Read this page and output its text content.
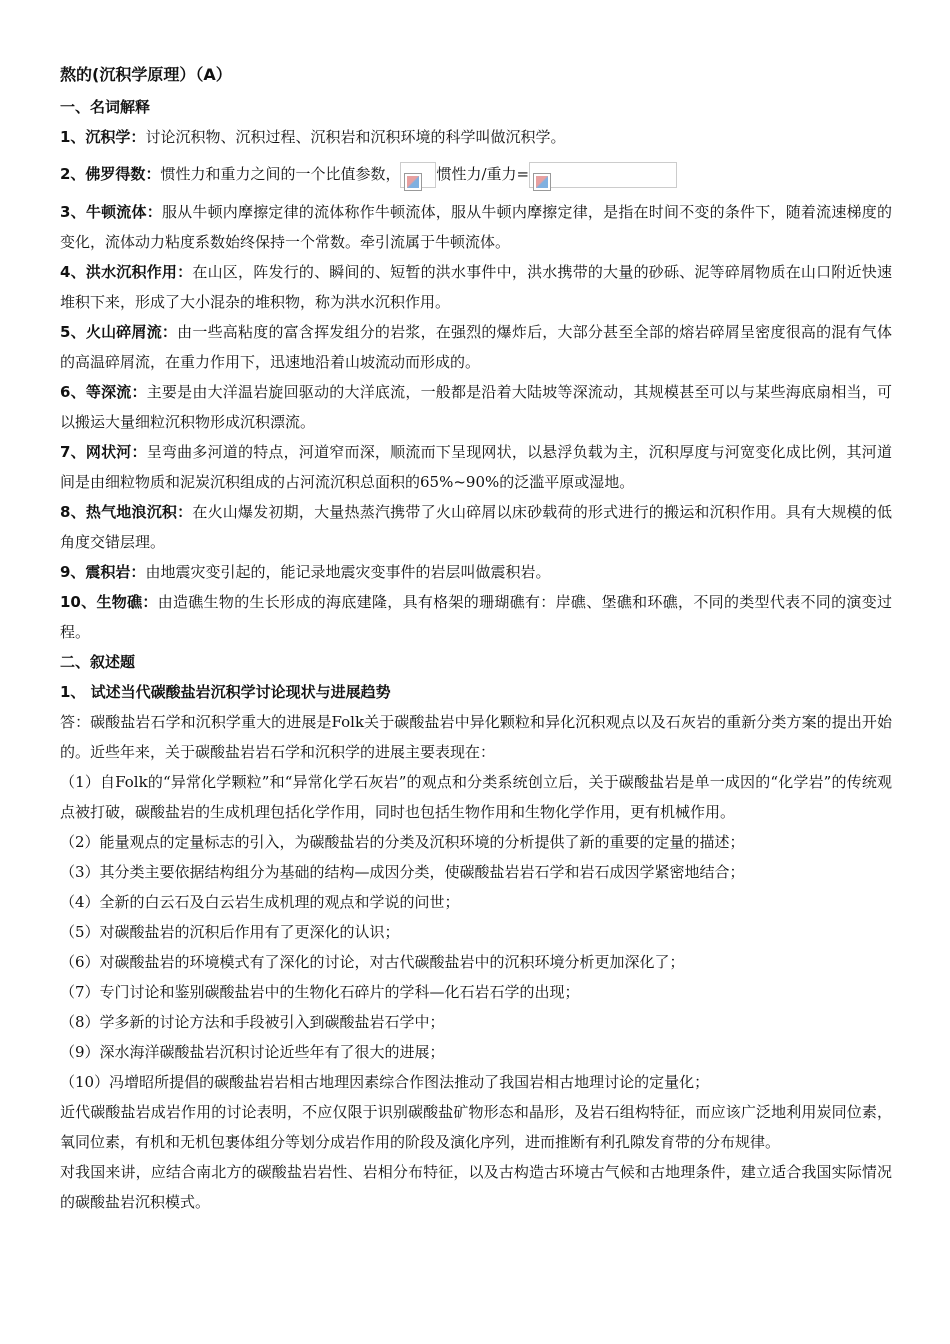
熬的(沉积学原理）（A）
一、名词解释

1、沉积学：讨论沉积物、沉积过程、沉积岩和沉积环境的科学叫做沉积学。

2、佛罗得数：惯性力和重力之间的一个比值参数， 惯性力/重力=

3、牛顿流体：服从牛顿内摩擦定律的流体称作牛顿流体，服从牛顿内摩擦定律，是指在时间不变的条件下，随着流速梯度的变化，流体动力粘度系数始终保持一个常数。牵引流属于牛顿流体。

4、洪水沉积作用：在山区，阵发行的、瞬间的、短暂的洪水事件中，洪水携带的大量的砂砾、泥等碎屑物质在山口附近快速堆积下来，形成了大小混杂的堆积物，称为洪水沉积作用。

5、火山碎屑流：由一些高粘度的富含挥发组分的岩浆，在强烈的爆炸后，大部分甚至全部的熔岩碎屑呈密度很高的混有气体的高温碎屑流，在重力作用下，迅速地沿着山坡流动而形成的。

6、等深流：主要是由大洋温岩旋回驱动的大洋底流，一般都是沿着大陆坡等深流动，其规模甚至可以与某些海底扇相当，可以搬运大量细粒沉积物形成沉积漂流。

7、网状河：呈弯曲多河道的特点，河道窄而深，顺流而下呈现网状，以悬浮负载为主，沉积厚度与河宽变化成比例，其河道间是由细粒物质和泥炭沉积组成的占河流沉积总面积的65%~90%的泛滥平原或湿地。

8、热气地浪沉积：在火山爆发初期，大量热蒸汽携带了火山碎屑以床砂载荷的形式进行的搬运和沉积作用。具有大规模的低角度交错层理。

9、震积岩：由地震灾变引起的，能记录地震灾变事件的岩层叫做震积岩。

10、生物礁：由造礁生物的生长形成的海底建隆，具有格架的珊瑚礁有：岸礁、堡礁和环礁，不同的类型代表不同的演变过程。

二、叙述题
1、 试述当代碳酸盐岩沉积学讨论现状与进展趋势

答：碳酸盐岩石学和沉积学重大的进展是Folk关于碳酸盐岩中异化颗粒和异化沉积观点以及石灰岩的重新分类方案的提出开始的。近些年来，关于碳酸盐岩岩石学和沉积学的进展主要表现在：

（1）自Folk的“异常化学颗粒”和“异常化学石灰岩”的观点和分类系统创立后，关于碳酸盐岩是单一成因的“化学岩”的传统观点被打破，碳酸盐岩的生成机理包括化学作用，同时也包括生物作用和生物化学作用，更有机械作用。

（2）能量观点的定量标志的引入，为碳酸盐岩的分类及沉积环境的分析提供了新的重要的定量的描述；

（3）其分类主要依据结构组分为基础的结构—成因分类，使碳酸盐岩岩石学和岩石成因学紧密地结合；

（4）全新的白云石及白云岩生成机理的观点和学说的问世；

（5）对碳酸盐岩的沉积后作用有了更深化的认识；

（6）对碳酸盐岩的环境模式有了深化的讨论，对古代碳酸盐岩中的沉积环境分析更加深化了；

（7）专门讨论和鉴别碳酸盐岩中的生物化石碎片的学科—化石岩石学的出现；

（8）学多新的讨论方法和手段被引入到碳酸盐岩石学中；

（9）深水海洋碳酸盐岩沉积讨论近些年有了很大的进展；

（10）冯增昭所提倡的碳酸盐岩岩相古地理因素综合作图法推动了我国岩相古地理讨论的定量化；

近代碳酸盐岩成岩作用的讨论表明，不应仅限于识别碳酸盐矿物形态和晶形，及岩石组构特征，而应该广泛地利用炭同位素，氧同位素，有机和无机包裹体组分等划分成岩作用的阶段及演化序列，进而推断有利孔隙发育带的分布规律。

对我国来讲，应结合南北方的碳酸盐岩岩性、岩相分布特征，以及古构造古环境古气候和古地理条件，建立适合我国实际情况的碳酸盐岩沉积模式。
